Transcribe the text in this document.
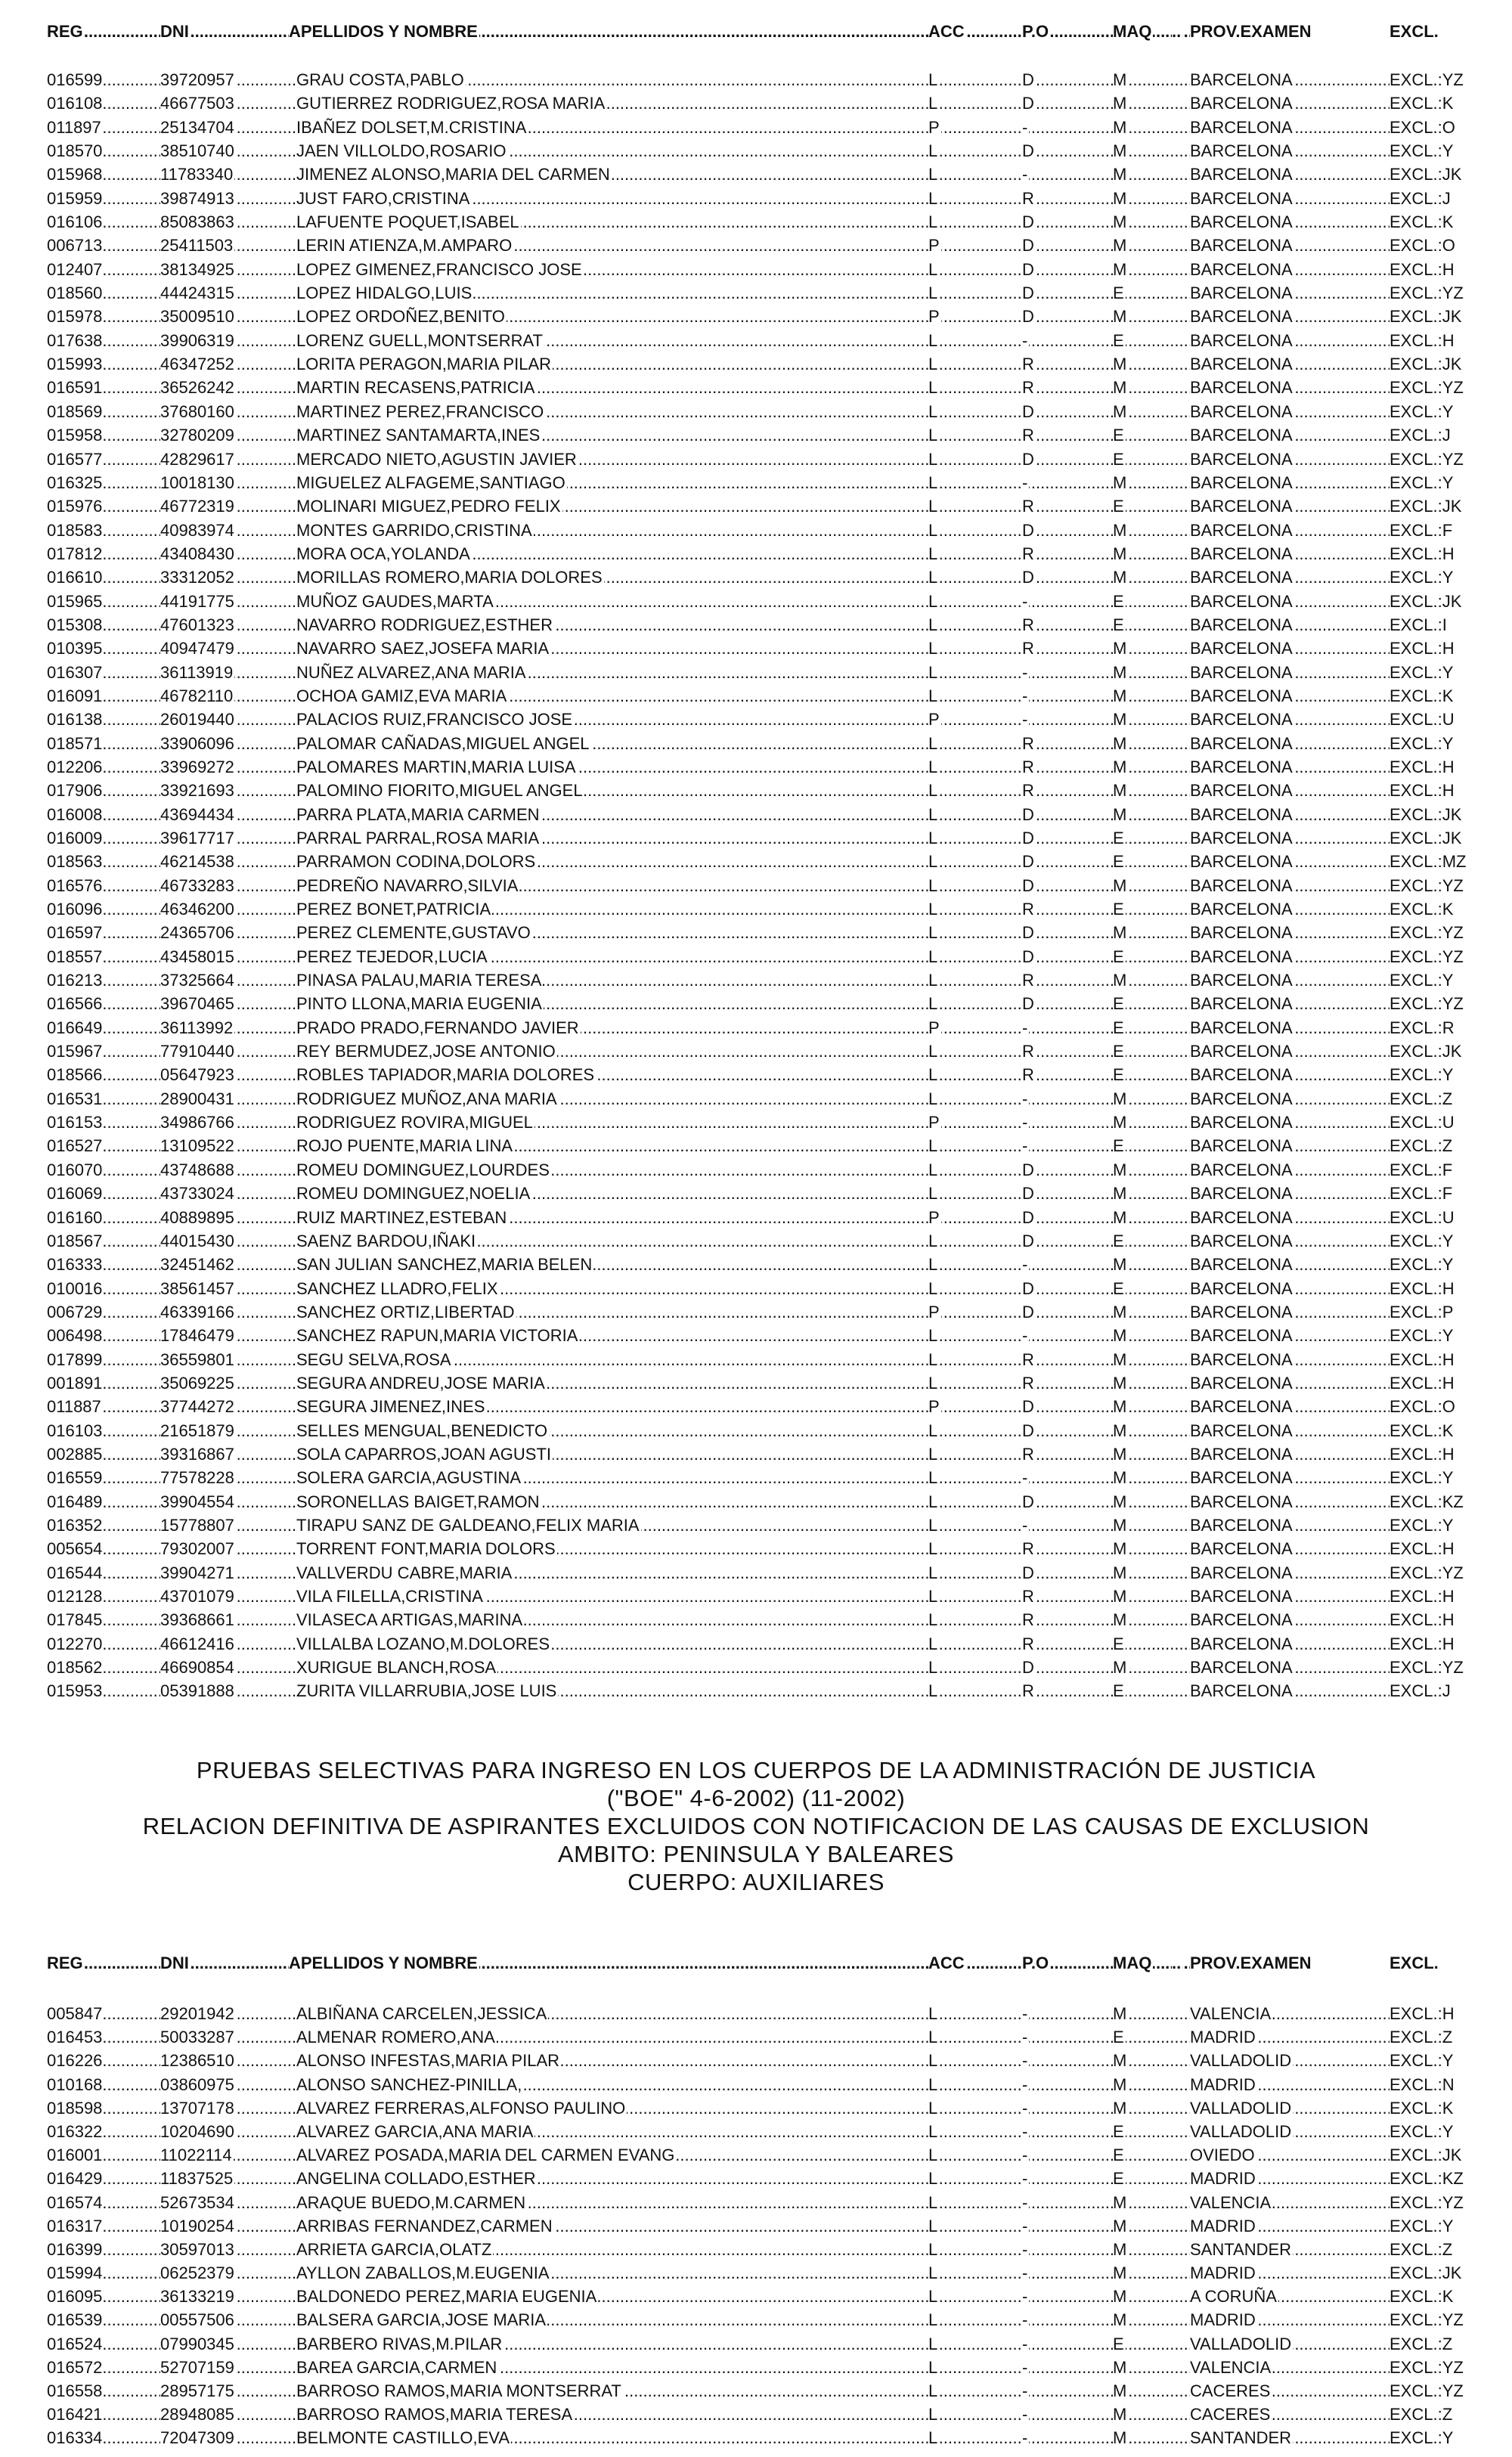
.....
REG	DNI	APELLIDOS Y NOMBRE	ACC	P.O	MAQ .. PROV.EXAMEN	EXCL.
.....
016599	39720957	GRAU COSTA,PABLO	L	D	M	BARCELONA	EXCL.:YZ
.....
016108	46677503	GUTIERREZ RODRIGUEZ,ROSA MARIA	L	D	M	BARCELONA	EXCL.:K
.....
011897	25134704	IBAÑEZ DOLSET,M.CRISTINA	P	-	M	BARCELONA	EXCL.:O
.....
018570	38510740	JAEN VILLOLDO,ROSARIO	L	D	M	BARCELONA	EXCL.:Y
.....
015968	11783340	JIMENEZ ALONSO,MARIA DEL CARMEN	L	-	M	BARCELONA	EXCL.:JK
.....
015959	39874913	JUST FARO,CRISTINA	L	R	M	BARCELONA	EXCL.:J
.....
016106	85083863	LAFUENTE POQUET,ISABEL	L	D	M	BARCELONA	EXCL.:K
.....
006713	25411503	LERIN ATIENZA,M.AMPARO	P	D	M	BARCELONA	EXCL.:O
.....
012407	38134925	LOPEZ GIMENEZ,FRANCISCO JOSE	L	D	M	BARCELONA	EXCL.:H
.....
018560	44424315	LOPEZ HIDALGO,LUIS	L	D	E	BARCELONA	EXCL.:YZ
.....
015978	35009510	LOPEZ ORDOÑEZ,BENITO	P	D	M	BARCELONA	EXCL.:JK
.....
017638	39906319	LORENZ GUELL,MONTSERRAT	L	-	E	BARCELONA	EXCL.:H
.....
015993	46347252	LORITA PERAGON,MARIA PILAR	L	R	M	BARCELONA	EXCL.:JK
.....
016591	36526242	MARTIN RECASENS,PATRICIA	L	R	M	BARCELONA	EXCL.:YZ
.....
018569	37680160	MARTINEZ PEREZ,FRANCISCO	L	D	M	BARCELONA	EXCL.:Y
.....
015958	32780209	MARTINEZ SANTAMARTA,INES	L	R	E	BARCELONA	EXCL.:J
.....
016577	42829617	MERCADO NIETO,AGUSTIN JAVIER	L	D	E	BARCELONA	EXCL.:YZ
.....
016325	10018130	MIGUELEZ ALFAGEME,SANTIAGO	L	-	M	BARCELONA	EXCL.:Y
.....
015976	46772319	MOLINARI MIGUEZ,PEDRO FELIX	L	R	E	BARCELONA	EXCL.:JK
.....
018583	40983974	MONTES GARRIDO,CRISTINA	L	D	M	BARCELONA	EXCL.:F
.....
017812	43408430	MORA OCA,YOLANDA	L	R	M	BARCELONA	EXCL.:H
.....
016610	33312052	MORILLAS ROMERO,MARIA DOLORES	L	D	M	BARCELONA	EXCL.:Y
.....
015965	44191775	MUÑOZ GAUDES,MARTA	L	-	E	BARCELONA	EXCL.:JK
.....
015308	47601323	NAVARRO RODRIGUEZ,ESTHER	L	R	E	BARCELONA	EXCL.:I
.....
010395	40947479	NAVARRO SAEZ,JOSEFA MARIA	L	R	M	BARCELONA	EXCL.:H
.....
016307	36113919	NUÑEZ ALVAREZ,ANA MARIA	L	-	M	BARCELONA	EXCL.:Y
.....
016091	46782110	OCHOA GAMIZ,EVA MARIA	L	-	M	BARCELONA	EXCL.:K
.....
016138	26019440	PALACIOS RUIZ,FRANCISCO JOSE	P	-	M	BARCELONA	EXCL.:U
.....
018571	33906096	PALOMAR CAÑADAS,MIGUEL ANGEL	L	R	M	BARCELONA	EXCL.:Y
.....
012206	33969272	PALOMARES MARTIN,MARIA LUISA	L	R	M	BARCELONA	EXCL.:H
.....
017906	33921693	PALOMINO FIORITO,MIGUEL ANGEL	L	R	M	BARCELONA	EXCL.:H
.....
016008	43694434	PARRA PLATA,MARIA CARMEN	L	D	M	BARCELONA	EXCL.:JK
.....
016009	39617717	PARRAL PARRAL,ROSA MARIA	L	D	E	BARCELONA	EXCL.:JK
.....
018563	46214538	PARRAMON CODINA,DOLORS	L	D	E	BARCELONA	EXCL.:MZ
.....
016576	46733283	PEDREÑO NAVARRO,SILVIA	L	D	M	BARCELONA	EXCL.:YZ
.....
016096	46346200	PEREZ BONET,PATRICIA	L	R	E	BARCELONA	EXCL.:K
.....
016597	24365706	PEREZ CLEMENTE,GUSTAVO	L	D	M	BARCELONA	EXCL.:YZ
.....
018557	43458015	PEREZ TEJEDOR,LUCIA	L	D	E	BARCELONA	EXCL.:YZ
.....
016213	37325664	PINASA PALAU,MARIA TERESA	L	R	M	BARCELONA	EXCL.:Y
.....
016566	39670465	PINTO LLONA,MARIA EUGENIA	L	D	E	BARCELONA	EXCL.:YZ
.....
016649	36113992	PRADO PRADO,FERNANDO JAVIER	P	-	E	BARCELONA	EXCL.:R
.....
015967	77910440	REY BERMUDEZ,JOSE ANTONIO	L	R	E	BARCELONA	EXCL.:JK
.....
018566	05647923	ROBLES TAPIADOR,MARIA DOLORES	L	R	E	BARCELONA	EXCL.:Y
.....
016531	28900431	RODRIGUEZ MUÑOZ,ANA MARIA	L	-	M	BARCELONA	EXCL.:Z
.....
016153	34986766	RODRIGUEZ ROVIRA,MIGUEL	P	-	M	BARCELONA	EXCL.:U
.....
016527	13109522	ROJO PUENTE,MARIA LINA	L	-	E	BARCELONA	EXCL.:Z
.....
016070	43748688	ROMEU DOMINGUEZ,LOURDES	L	D	M	BARCELONA	EXCL.:F
.....
016069	43733024	ROMEU DOMINGUEZ,NOELIA	L	D	M	BARCELONA	EXCL.:F
.....
016160	40889895	RUIZ MARTINEZ,ESTEBAN	P	D	M	BARCELONA	EXCL.:U
.....
018567	44015430	SAENZ BARDOU,IÑAKI	L	D	E	BARCELONA	EXCL.:Y
.....
016333	32451462	SAN JULIAN SANCHEZ,MARIA BELEN	L	-	M	BARCELONA	EXCL.:Y
.....
010016	38561457	SANCHEZ LLADRO,FELIX	L	D	E	BARCELONA	EXCL.:H
.....
006729	46339166	SANCHEZ ORTIZ,LIBERTAD	P	D	M	BARCELONA	EXCL.:P
.....
006498	17846479	SANCHEZ RAPUN,MARIA VICTORIA	L	-	M	BARCELONA	EXCL.:Y
.....
017899	36559801	SEGU SELVA,ROSA	L	R	M	BARCELONA	EXCL.:H
.....
001891	35069225	SEGURA ANDREU,JOSE MARIA	L	R	M	BARCELONA	EXCL.:H
.....
011887	37744272	SEGURA JIMENEZ,INES	P	D	M	BARCELONA	EXCL.:O
.....
016103	21651879	SELLES MENGUAL,BENEDICTO	L	D	M	BARCELONA	EXCL.:K
.....
002885	39316867	SOLA CAPARROS,JOAN AGUSTI	L	R	M	BARCELONA	EXCL.:H
.....
016559	77578228	SOLERA GARCIA,AGUSTINA	L	-	M	BARCELONA	EXCL.:Y
.....
016489	39904554	SORONELLAS BAIGET,RAMON	L	D	M	BARCELONA	EXCL.:KZ
.....
016352	15778807	TIRAPU SANZ DE GALDEANO,FELIX MARIA	L	-	M	BARCELONA	EXCL.:Y
.....
005654	79302007	TORRENT FONT,MARIA DOLORS	L	R	M	BARCELONA	EXCL.:H
.....
016544	39904271	VALLVERDU CABRE,MARIA	L	D	M	BARCELONA	EXCL.:YZ
.....
012128	43701079	VILA FILELLA,CRISTINA	L	R	M	BARCELONA	EXCL.:H
.....
017845	39368661	VILASECA ARTIGAS,MARINA	L	R	M	BARCELONA	EXCL.:H
.....
012270	46612416	VILLALBA LOZANO,M.DOLORES	L	R	E	BARCELONA	EXCL.:H
.....
018562	46690854	XURIGUE BLANCH,ROSA	L	D	M	BARCELONA	EXCL.:YZ
.....
015953	05391888	ZURITA VILLARRUBIA,JOSE LUIS	L	R	E	BARCELONA	EXCL.:J
PRUEBAS SELECTIVAS PARA INGRESO EN LOS CUERPOS DE LA ADMINISTRACIÓN DE JUSTICIA
("BOE" 4-6-2002) (11-2002)
RELACION DEFINITIVA DE ASPIRANTES EXCLUIDOS CON NOTIFICACION DE LAS CAUSAS DE EXCLUSION
AMBITO: PENINSULA Y BALEARES
CUERPO: AUXILIARES
.....
REG	DNI	APELLIDOS Y NOMBRE	ACC	P.O	MAQ .. PROV.EXAMEN	EXCL.
.....
005847	29201942	ALBIÑANA CARCELEN,JESSICA	L	-	M	VALENCIA	EXCL.:H
.....
016453	50033287	ALMENAR ROMERO,ANA	L	-	E	MADRID	EXCL.:Z
.....
016226	12386510	ALONSO INFESTAS,MARIA PILAR	L	-	M	VALLADOLID	EXCL.:Y
.....
010168	03860975	ALONSO SANCHEZ-PINILLA,	L	-	M	MADRID	EXCL.:N
.....
018598	13707178	ALVAREZ FERRERAS,ALFONSO PAULINO	L	-	M	VALLADOLID	EXCL.:K
.....
016322	10204690	ALVAREZ GARCIA,ANA MARIA	L	-	E	VALLADOLID	EXCL.:Y
.....
016001	11022114	ALVAREZ POSADA,MARIA DEL CARMEN EVANG	L	-	E	OVIEDO	EXCL.:JK
.....
016429	11837525	ANGELINA COLLADO,ESTHER	L	-	E	MADRID	EXCL.:KZ
.....
016574	52673534	ARAQUE BUEDO,M.CARMEN	L	-	M	VALENCIA	EXCL.:YZ
.....
016317	10190254	ARRIBAS FERNANDEZ,CARMEN	L	-	M	MADRID	EXCL.:Y
.....
016399	30597013	ARRIETA GARCIA,OLATZ	L	-	M	SANTANDER	EXCL.:Z
.....
015994	06252379	AYLLON ZABALLOS,M.EUGENIA	L	-	M	MADRID	EXCL.:JK
.....
016095	36133219	BALDONEDO PEREZ,MARIA EUGENIA	L	-	M	A CORUÑA	EXCL.:K
.....
016539	00557506	BALSERA GARCIA,JOSE MARIA	L	-	M	MADRID	EXCL.:YZ
.....
016524	07990345	BARBERO RIVAS,M.PILAR	L	-	E	VALLADOLID	EXCL.:Z
.....
016572	52707159	BAREA GARCIA,CARMEN	L	-	M	VALENCIA	EXCL.:YZ
.....
016558	28957175	BARROSO RAMOS,MARIA MONTSERRAT	L	-	M	CACERES	EXCL.:YZ
.....
016421	28948085	BARROSO RAMOS,MARIA TERESA	L	-	M	CACERES	EXCL.:Z
.....
016334	72047309	BELMONTE CASTILLO,EVA	L	-	M	SANTANDER	EXCL.:Y
